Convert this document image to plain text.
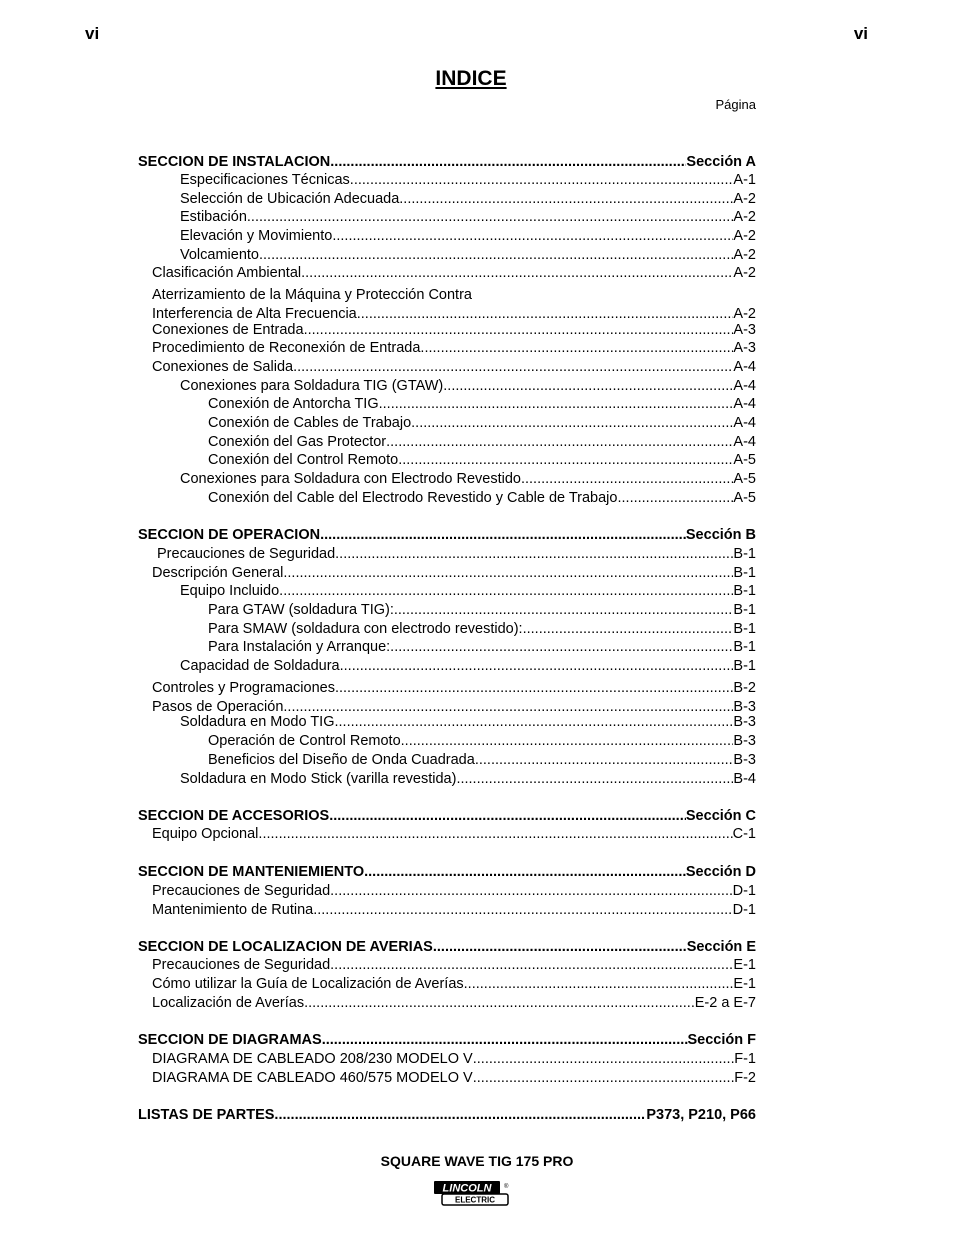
vi	vi
INDICE
Página
SECCION DE INSTALACION .....	Sección A
Especificaciones Técnicas .....	A-1
Selección de Ubicación Adecuada .....	A-2
Estibación .....	A-2
Elevación y Movimiento .....	A-2
Volcamiento .....	A-2
Clasificación Ambiental .....	A-2
Aterrizamiento de la Máquina y Protección Contra
Interferencia de Alta Frecuencia. .....	A-2
Conexiones de Entrada .....	A-3
Procedimiento de Reconexión de Entrada .....	A-3
Conexiones de Salida .....	A-4
Conexiones para Soldadura TIG (GTAW) .....	A-4
Conexión de Antorcha TIG .....	A-4
Conexión de Cables de Trabajo .....	A-4
Conexión del Gas Protector .....	A-4
Conexión del Control Remoto .....	A-5
Conexiones para Soldadura con Electrodo Revestido .....	A-5
Conexión del Cable del Electrodo Revestido y Cable de Trabajo .....	A-5
SECCION DE OPERACION .....	Sección B
Precauciones de Seguridad .....	B-1
Descripción General .....	B-1
Equipo Incluido .....	B-1
Para GTAW (soldadura TIG): .....	B-1
Para SMAW (soldadura con electrodo revestido): .....	B-1
Para Instalación y Arranque: .....	B-1
Capacidad de Soldadura .....	B-1
Controles y Programaciones .....	B-2
Pasos de Operación .....	B-3
Soldadura en Modo TIG .....	B-3
Operación de Control Remoto .....	B-3
Beneficios del Diseño de Onda Cuadrada .....	B-3
Soldadura en Modo Stick (varilla revestida) .....	B-4
SECCION DE ACCESORIOS .....	Sección C
Equipo Opcional .....	C-1
SECCION DE MANTENIEMIENTO .....	Sección D
Precauciones de Seguridad .....	D-1
Mantenimiento de Rutina .....	D-1
SECCION DE LOCALIZACION DE AVERIAS .....	Sección E
Precauciones de Seguridad .....	E-1
Cómo utilizar la Guía de Localización de Averías .....	E-1
Localización de Averías .....	E-2 a E-7
SECCION DE DIAGRAMAS .....	Sección F
DIAGRAMA DE CABLEADO 208/230 MODELO V .....	F-1
DIAGRAMA DE CABLEADO 460/575 MODELO V .....	F-2
LISTAS DE PARTES .....	P373, P210, P66
SQUARE WAVE TIG 175 PRO
LINCOLN ®
ELECTRIC
